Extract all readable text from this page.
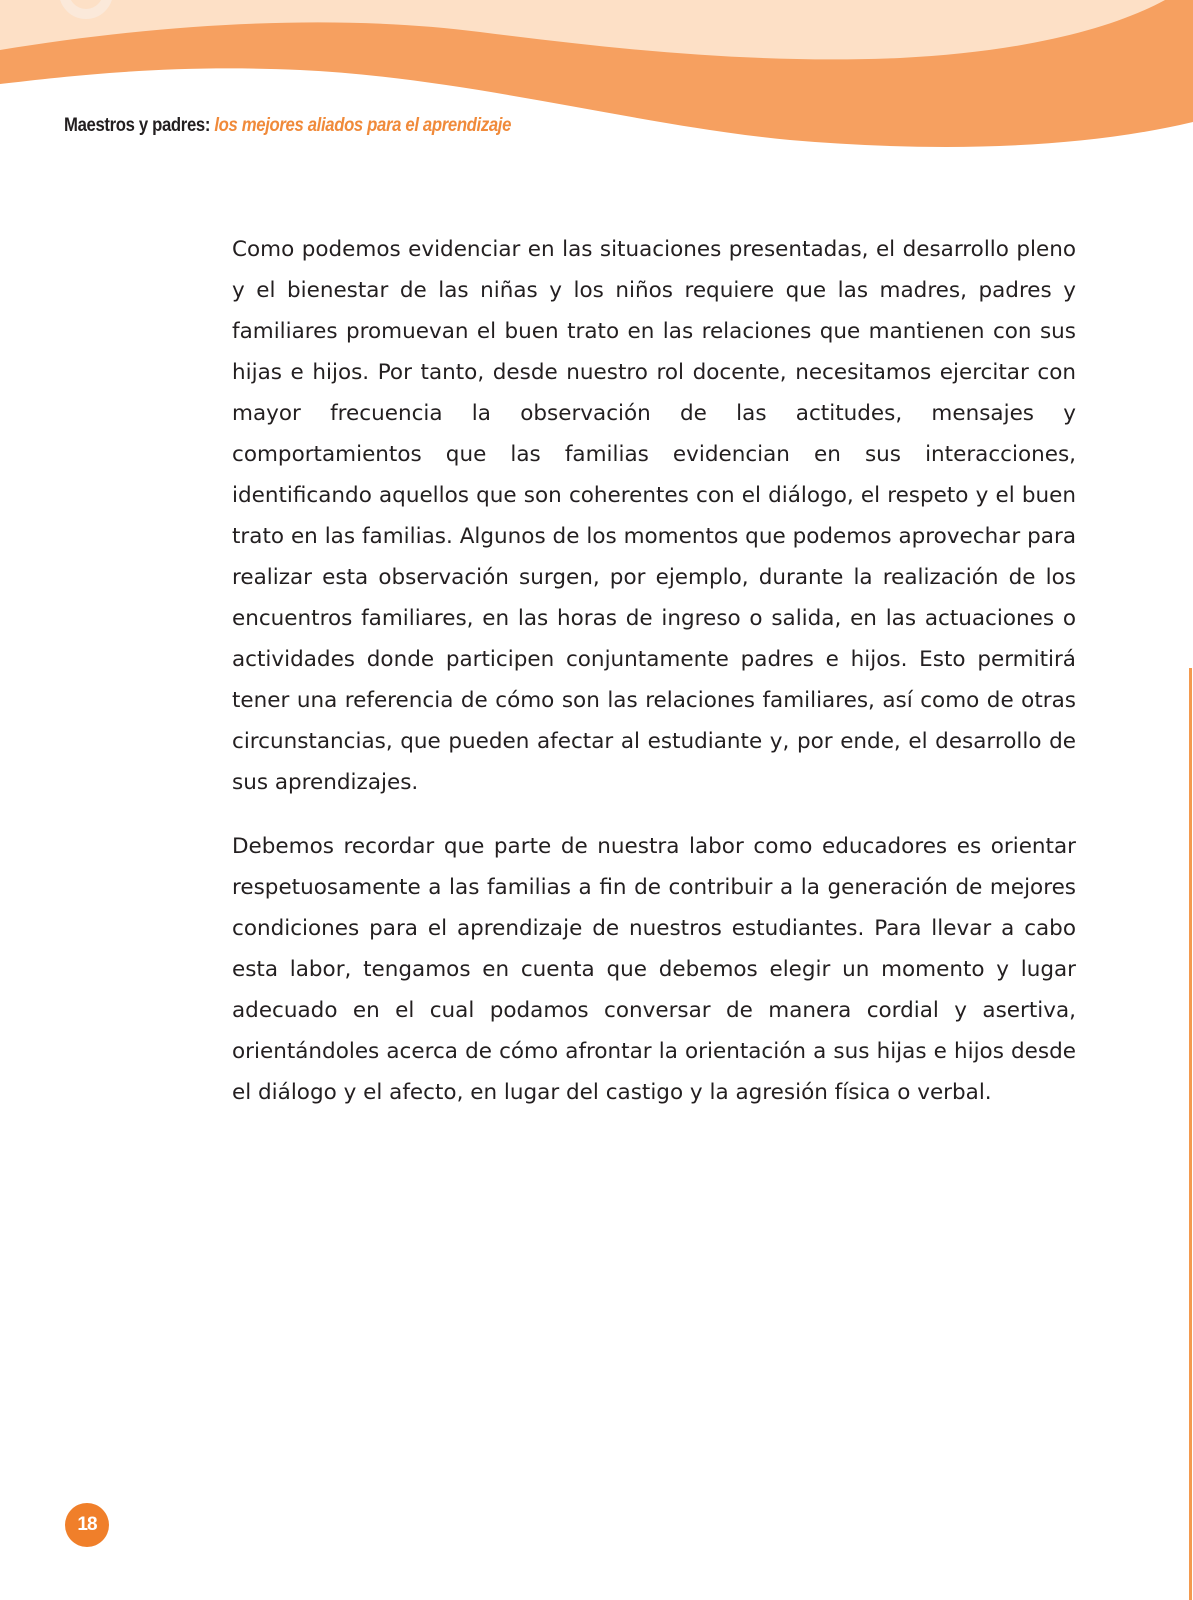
Maestros y padres: los mejores aliados para el aprendizaje

Como podemos evidenciar en las situaciones presentadas, el desarrollo pleno y el bienestar de las niñas y los niños requiere que las madres, padres y familiares promuevan el buen trato en las relaciones que mantienen con sus hijas e hijos. Por tanto, desde nuestro rol docente, necesitamos ejercitar con mayor frecuencia la observación de las actitudes, mensajes y comportamientos que las familias evidencian en sus interacciones, identificando aquellos que son coherentes con el diálogo, el respeto y el buen trato en las familias. Algunos de los momentos que podemos aprovechar para realizar esta observación surgen, por ejemplo, durante la realización de los encuentros familiares, en las horas de ingreso o salida, en las actuaciones o actividades donde participen conjuntamente padres e hijos. Esto permitirá tener una referencia de cómo son las relaciones familiares, así como de otras circunstancias, que pueden afectar al estudiante y, por ende, el desarrollo de sus aprendizajes.

Debemos recordar que parte de nuestra labor como educadores es orientar respetuosamente a las familias a fin de contribuir a la generación de mejores condiciones para el aprendizaje de nuestros estudiantes. Para llevar a cabo esta labor, tengamos en cuenta que debemos elegir un momento y lugar adecuado en el cual podamos conversar de manera cordial y asertiva, orientándoles acerca de cómo afrontar la orientación a sus hijas e hijos desde el diálogo y el afecto, en lugar del castigo y la agresión física o verbal.

18
